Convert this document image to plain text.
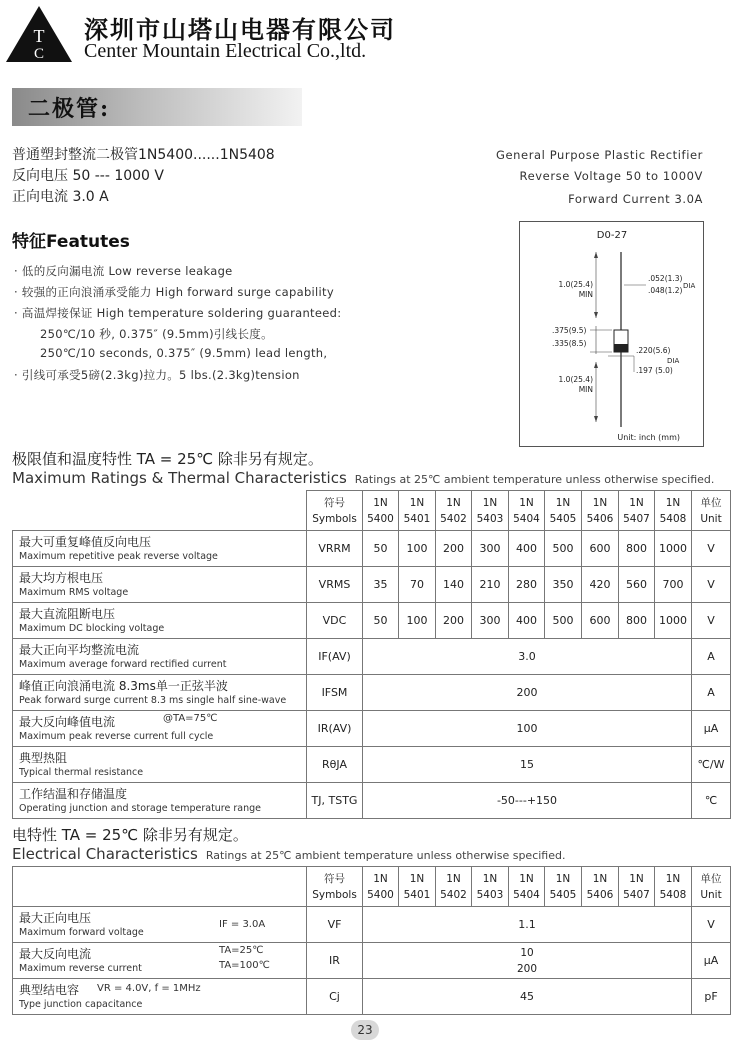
T
C
深圳市山塔山电器有限公司
Center Mountain Electrical Co.,ltd.
二极管:
普通塑封整流二极管1N5400......1N5408
反向电压 50 --- 1000 V
正向电流 3.0 A
General Purpose Plastic Rectifier
Reverse Voltage 50 to 1000V
Forward Current 3.0A
特征Featutes
· 低的反向漏电流 Low reverse leakage
· 较强的正向浪涌承受能力 High forward surge capability
· 高温焊接保证 High temperature soldering guaranteed:
250℃/10 秒, 0.375″ (9.5mm)引线长度。
250℃/10 seconds, 0.375″ (9.5mm) lead length,
· 引线可承受5磅(2.3kg)拉力。5 lbs.(2.3kg)tension
D0-27
Unit: inch (mm)
1.0(25.4)
MIN
.052(1.3)
.048(1.2) DIA
.375(9.5)
.335(8.5)
.220(5.6)
.197 (5.0)
DIA
1.0(25.4)
MIN
极限值和温度特性 TA = 25℃ 除非另有规定。
Maximum Ratings & Thermal Characteristics Ratings at 25℃ ambient temperature unless otherwise specified.

	符号
Symbols	1N
5400	1N
5401	1N
5402	1N
5403	1N
5404	1N
5405	1N
5406	1N
5407	1N
5408	单位
Unit

最大可重复峰值反向电压
Maximum repetitive peak reverse voltage	VRRM	50	100	200	300	400	500	600	800	1000	V

最大均方根电压
Maximum RMS voltage	VRMS	35	70	140	210	280	350	420	560	700	V

最大直流阻断电压
Maximum DC blocking voltage	VDC	50	100	200	300	400	500	600	800	1000	V

最大正向平均整流电流
Maximum average forward rectified current	IF(AV)	3.0									A

峰值正向浪涌电流 8.3ms单一正弦半波
Peak forward surge current 8.3 ms single half sine-wave	IFSM	200									A

最大反向峰值电流
Maximum peak reverse current full cycle
@TA=75℃	IR(AV)	100									μA

典型热阻
Typical thermal resistance	RθJA	15									℃/W

工作结温和存储温度
Operating junction and storage temperature range	TJ, TSTG	-50---+150									℃
电特性 TA = 25℃ 除非另有规定。
Electrical Characteristics Ratings at 25℃ ambient temperature unless otherwise specified.

	符号
Symbols	1N
5400	1N
5401	1N
5402	1N
5403	1N
5404	1N
5405	1N
5406	1N
5407	1N
5408	单位
Unit

最大正向电压
Maximum forward voltage
IF = 3.0A	VF	1.1									V

最大反向电流
Maximum reverse current
TA=25℃
TA=100℃	IR	10
200									μA

典型结电容
Type junction capacitance
VR = 4.0V, f = 1MHz	Cj	45									pF
23
